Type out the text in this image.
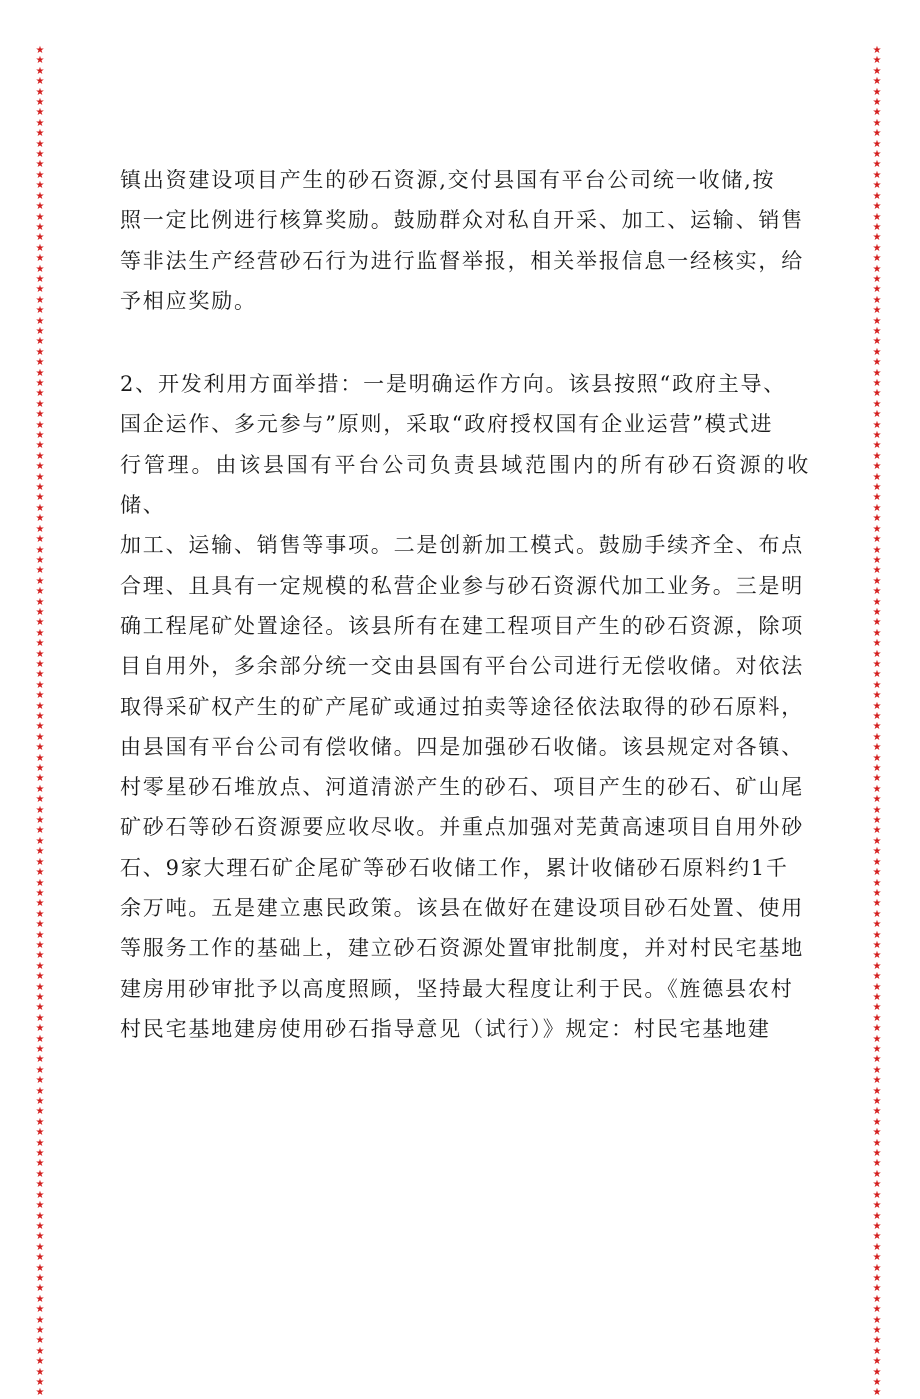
★★★★★★★★★★★★★★★★★★★★★★★★★★★★★★★★★★★★★★★★★★★★★★★★★★★★★★★★★★★★★★★★★★★★★★★★★★★★★★★★★★★★★★★★★★★★★★★★★★★★★★★★★★★★★★★★★★★★★★★★★★★★★★★★★★
★★★★★★★★★★★★★★★★★★★★★★★★★★★★★★★★★★★★★★★★★★★★★★★★★★★★★★★★★★★★★★★★★★★★★★★★★★★★★★★★★★★★★★★★★★★★★★★★★★★★★★★★★★★★★★★★★★★★★★★★★★★★★★★★★★

镇出资建设项目产生的砂石资源,交付县国有平台公司统一收储,按

照一定比例进行核算奖励。鼓励群众对私自开采、加工、运输、销售

等非法生产经营砂石行为进行监督举报，相关举报信息一经核实，给

予相应奖励。

2、开发利用方面举措：一是明确运作方向。该县按照“政府主导、

国企运作、多元参与”原则，采取“政府授权国有企业运营”模式进

行管理。由该县国有平台公司负责县域范围内的所有砂石资源的收储、

加工、运输、销售等事项。二是创新加工模式。鼓励手续齐全、布点

合理、且具有一定规模的私营企业参与砂石资源代加工业务。三是明

确工程尾矿处置途径。该县所有在建工程项目产生的砂石资源，除项

目自用外，多余部分统一交由县国有平台公司进行无偿收储。对依法

取得采矿权产生的矿产尾矿或通过拍卖等途径依法取得的砂石原料，

由县国有平台公司有偿收储。四是加强砂石收储。该县规定对各镇、

村零星砂石堆放点、河道清淤产生的砂石、项目产生的砂石、矿山尾

矿砂石等砂石资源要应收尽收。并重点加强对芜黄高速项目自用外砂

石、9家大理石矿企尾矿等砂石收储工作，累计收储砂石原料约1千

余万吨。五是建立惠民政策。该县在做好在建设项目砂石处置、使用

等服务工作的基础上，建立砂石资源处置审批制度，并对村民宅基地

建房用砂审批予以高度照顾，坚持最大程度让利于民。《旌德县农村

村民宅基地建房使用砂石指导意见（试行）》规定：村民宅基地建
